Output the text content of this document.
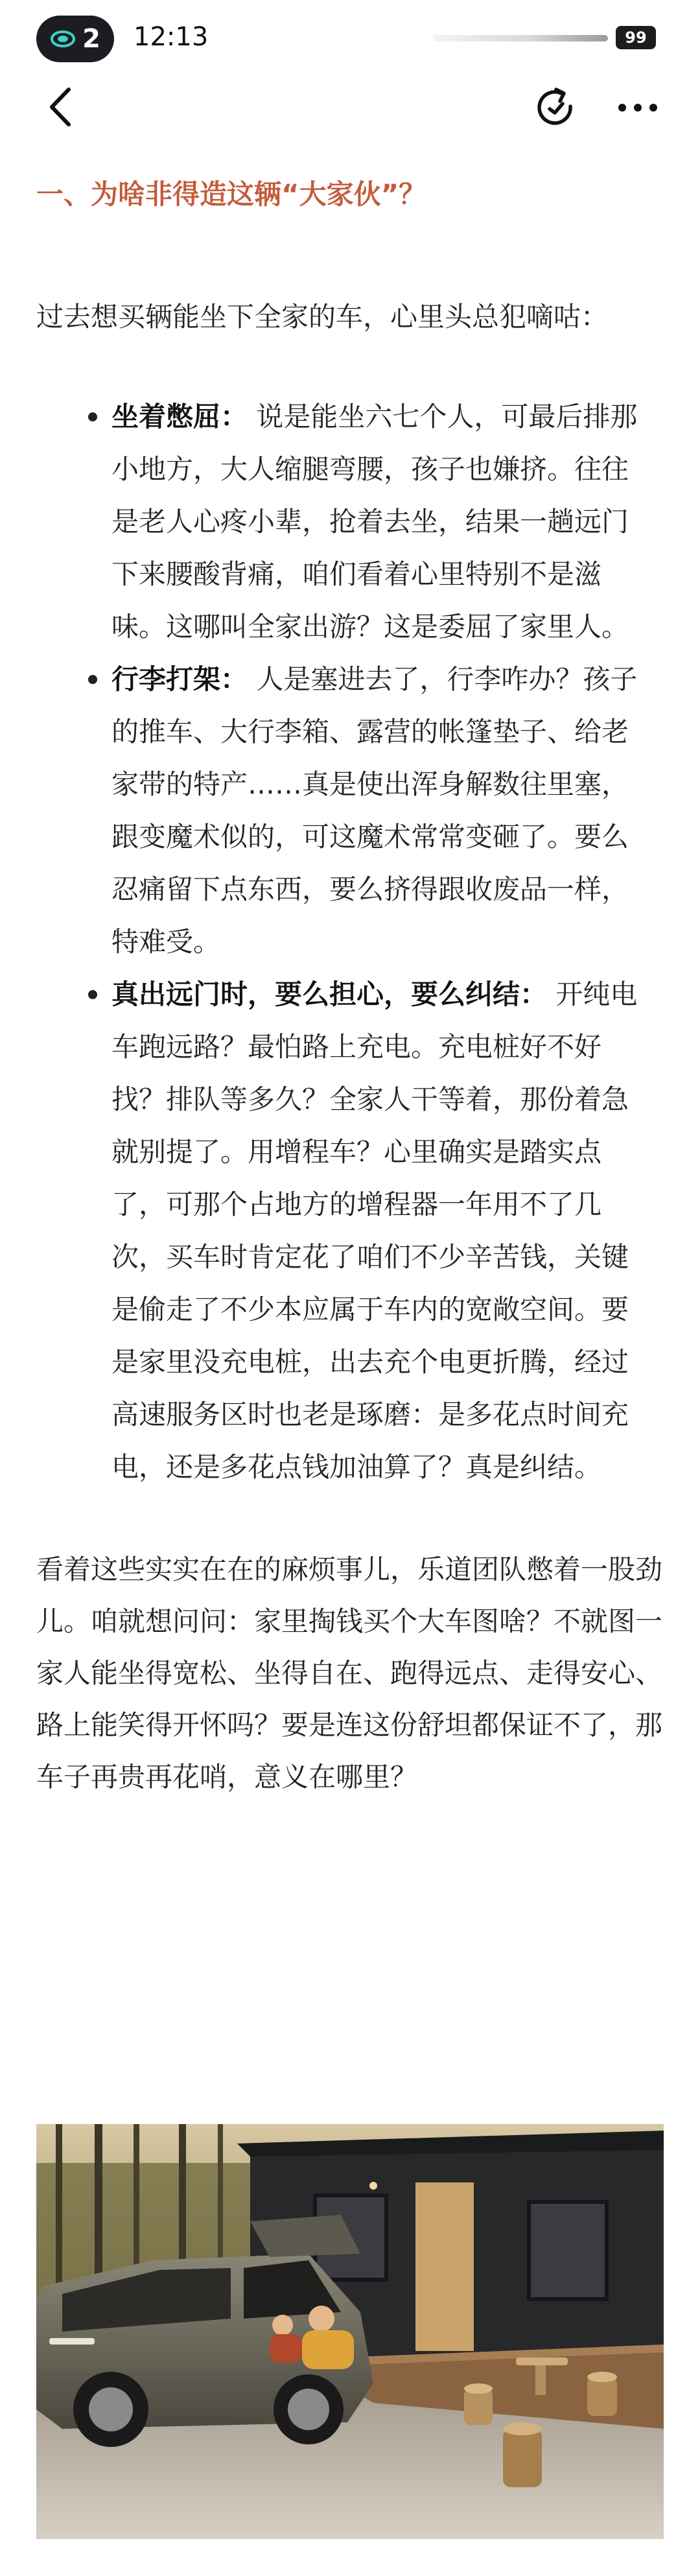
2 12:13	99
一、为啥非得造这辆“大家伙”？

过去想买辆能坐下全家的车，心里头总犯嘀咕：

坐着憋屈： 说是能坐六七个人，可最后排那小地方，大人缩腿弯腰，孩子也嫌挤。往往是老人心疼小辈，抢着去坐，结果一趟远门下来腰酸背痛，咱们看着心里特别不是滋味。这哪叫全家出游？这是委屈了家里人。
行李打架： 人是塞进去了，行李咋办？孩子的推车、大行李箱、露营的帐篷垫子、给老家带的特产……真是使出浑身解数往里塞，跟变魔术似的，可这魔术常常变砸了。要么忍痛留下点东西，要么挤得跟收废品一样，特难受。
真出远门时，要么担心，要么纠结： 开纯电车跑远路？最怕路上充电。充电桩好不好找？排队等多久？全家人干等着，那份着急就别提了。用增程车？心里确实是踏实点了，可那个占地方的增程器一年用不了几次，买车时肯定花了咱们不少辛苦钱，关键是偷走了不少本应属于车内的宽敞空间。要是家里没充电桩，出去充个电更折腾，经过高速服务区时也老是琢磨：是多花点时间充电，还是多花点钱加油算了？真是纠结。

看着这些实实在在的麻烦事儿，乐道团队憋着一股劲儿。咱就想问问：家里掏钱买个大车图啥？不就图一家人能坐得宽松、坐得自在、跑得远点、走得安心、路上能笑得开怀吗？要是连这份舒坦都保证不了，那车子再贵再花哨，意义在哪里？
